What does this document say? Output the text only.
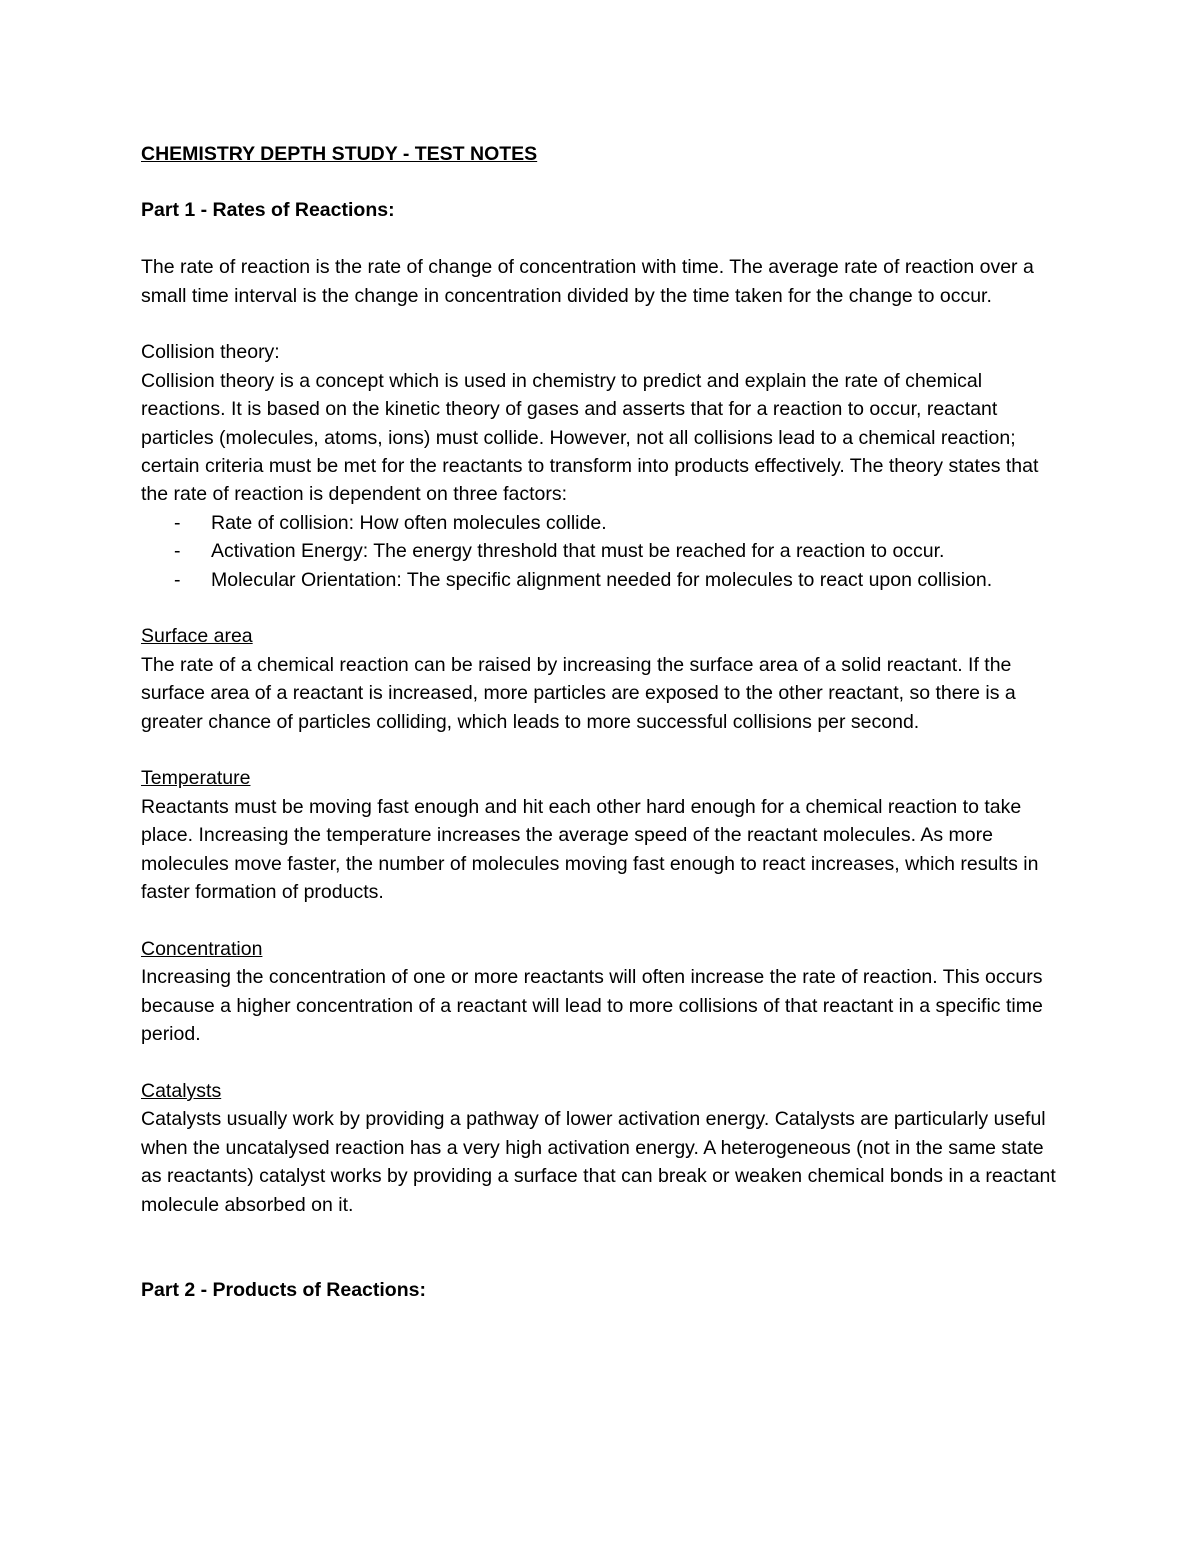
CHEMISTRY DEPTH STUDY - TEST NOTES
Part 1 - Rates of Reactions:

The rate of reaction is the rate of change of concentration with time. The average rate of reaction over a small time interval is the change in concentration divided by the time taken for the change to occur.

Collision theory:

Collision theory is a concept which is used in chemistry to predict and explain the rate of chemical reactions. It is based on the kinetic theory of gases and asserts that for a reaction to occur, reactant particles (molecules, atoms, ions) must collide. However, not all collisions lead to a chemical reaction; certain criteria must be met for the reactants to transform into products effectively. The theory states that the rate of reaction is dependent on three factors:

- Rate of collision: How often molecules collide.
- Activation Energy: The energy threshold that must be reached for a reaction to occur.
- Molecular Orientation: The specific alignment needed for molecules to react upon collision.

Surface area

The rate of a chemical reaction can be raised by increasing the surface area of a solid reactant. If the surface area of a reactant is increased, more particles are exposed to the other reactant, so there is a greater chance of particles colliding, which leads to more successful collisions per second.

Temperature

Reactants must be moving fast enough and hit each other hard enough for a chemical reaction to take place. Increasing the temperature increases the average speed of the reactant molecules. As more molecules move faster, the number of molecules moving fast enough to react increases, which results in faster formation of products.

Concentration

Increasing the concentration of one or more reactants will often increase the rate of reaction. This occurs because a higher concentration of a reactant will lead to more collisions of that reactant in a specific time period.

Catalysts

Catalysts usually work by providing a pathway of lower activation energy. Catalysts are particularly useful when the uncatalysed reaction has a very high activation energy. A heterogeneous (not in the same state as reactants) catalyst works by providing a surface that can break or weaken chemical bonds in a reactant molecule absorbed on it.

Part 2 - Products of Reactions:
